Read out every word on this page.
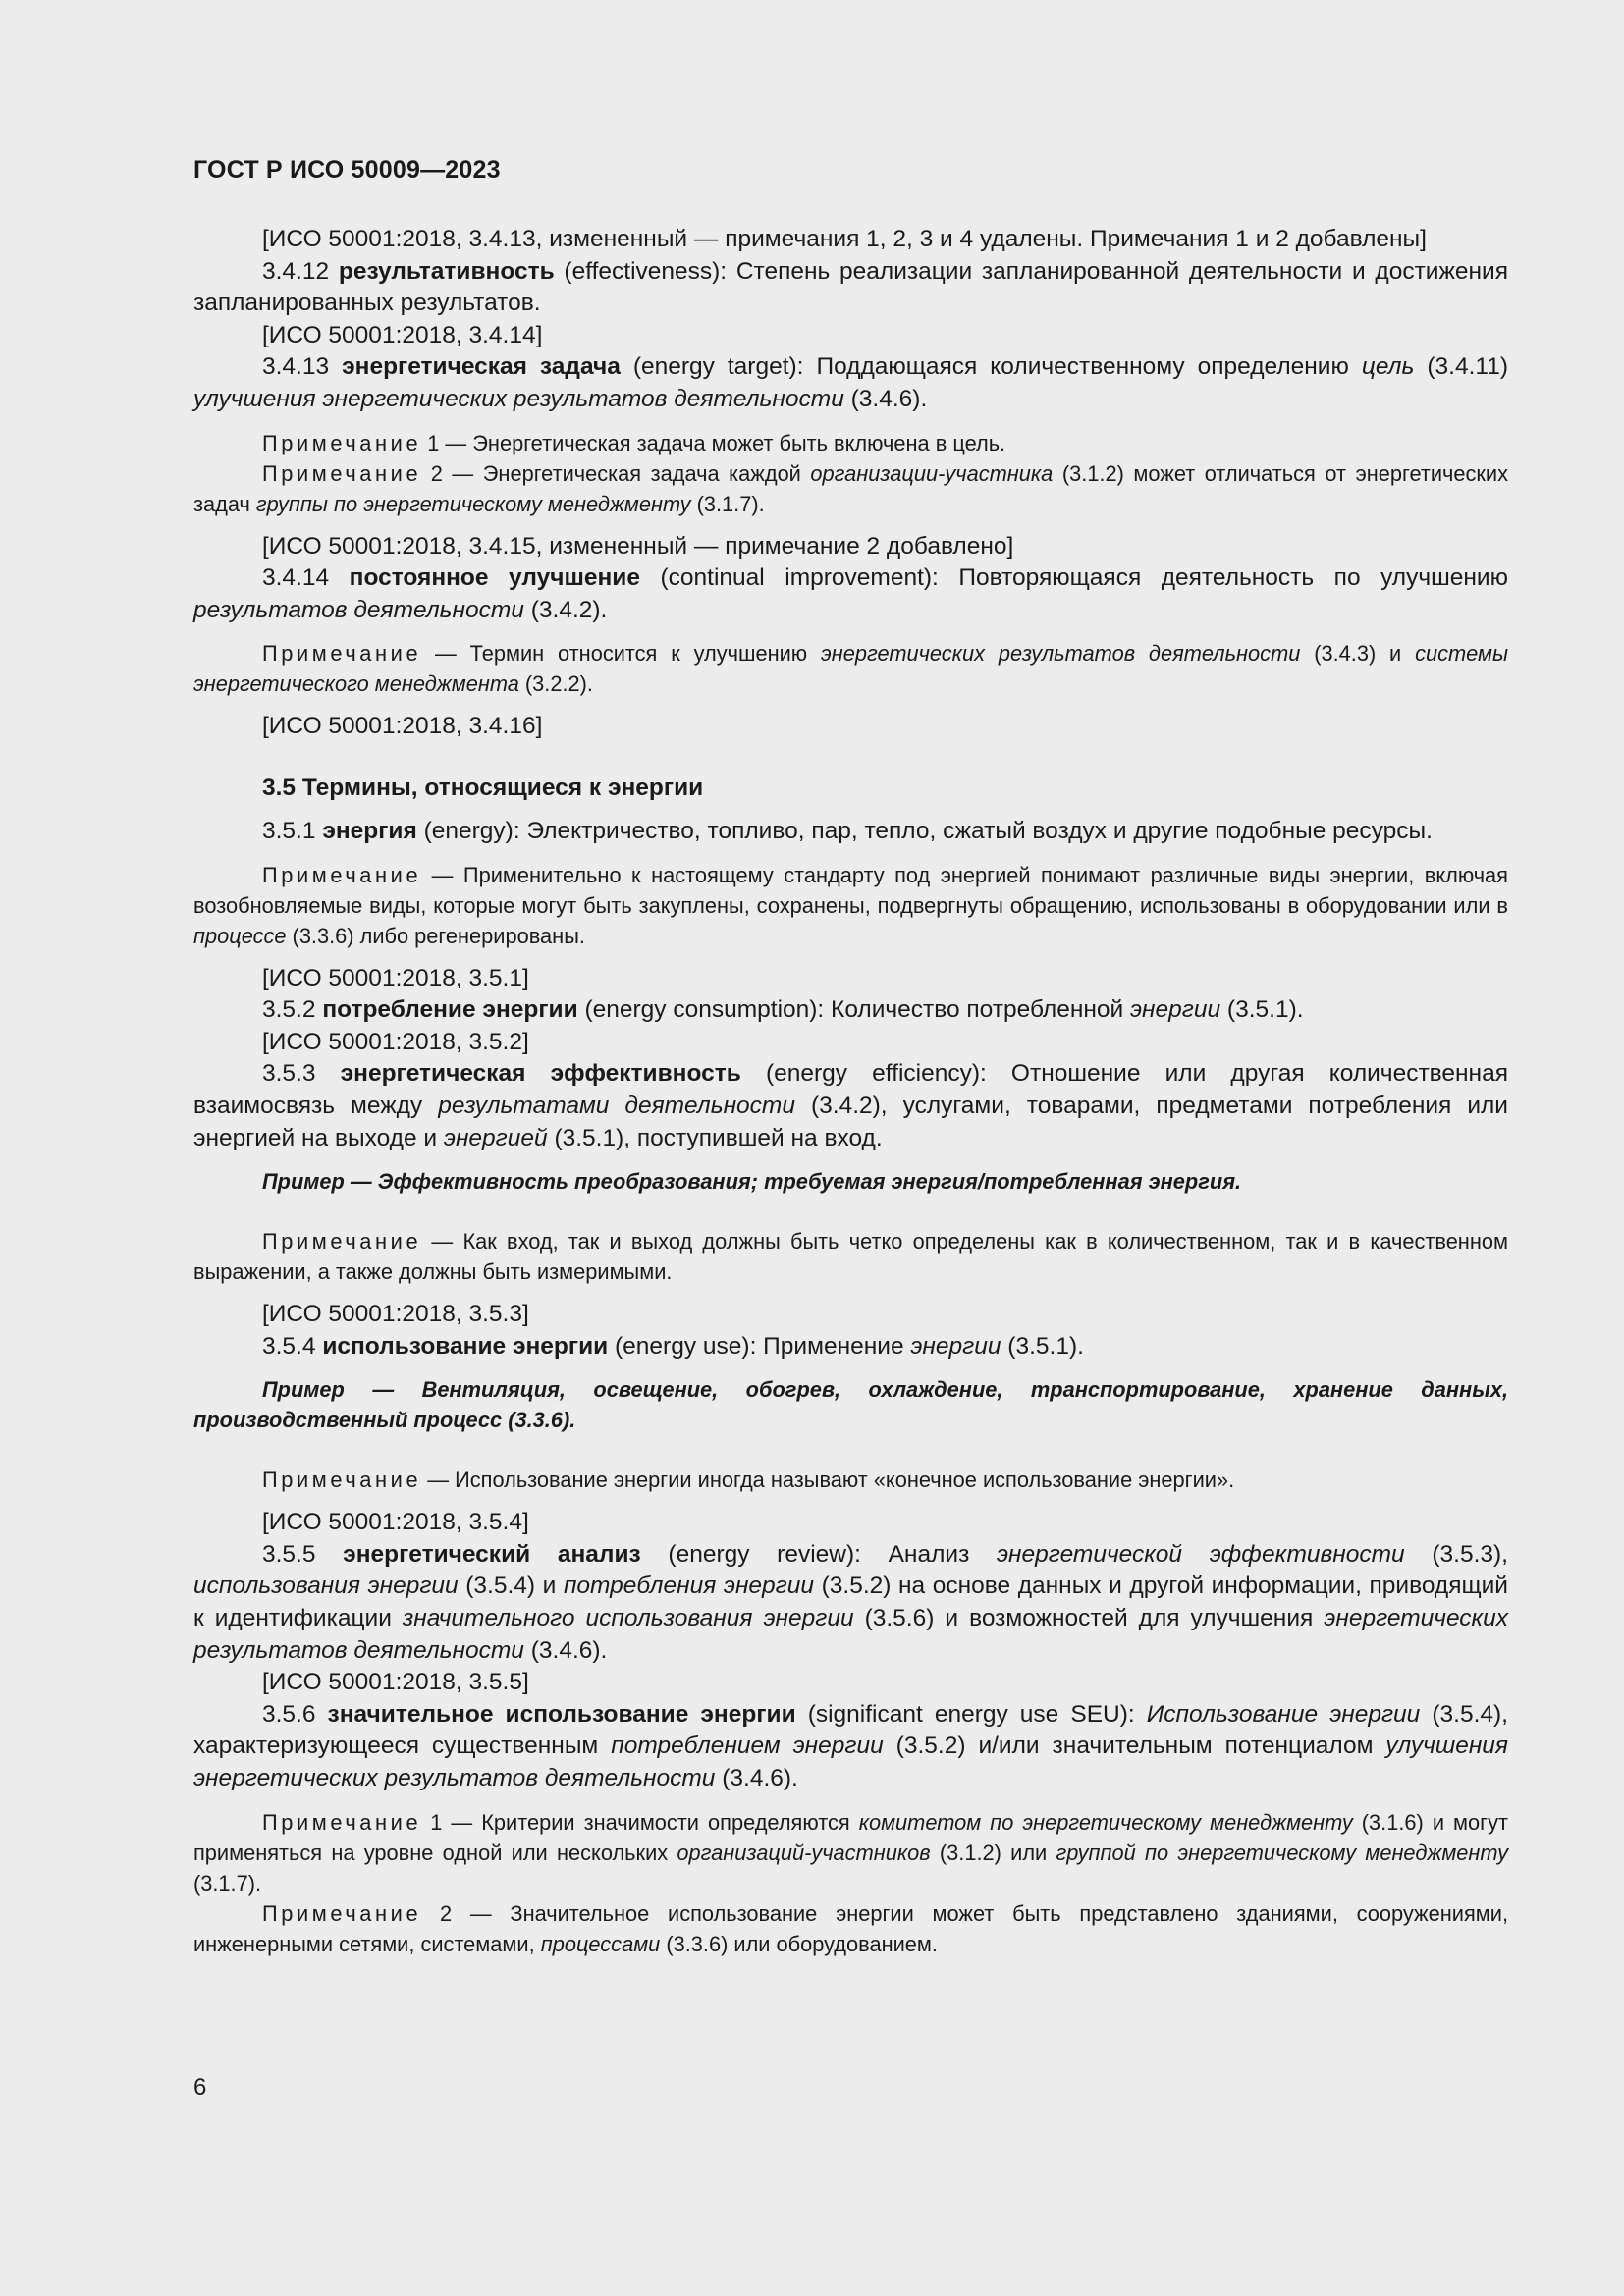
ГОСТ Р ИСО 50009—2023

[ИСО 50001:2018, 3.4.13, измененный — примечания 1, 2, 3 и 4 удалены. Примечания 1 и 2 добавлены]

3.4.12 результативность (effectiveness): Степень реализации запланированной деятельности и достижения запланированных результатов.

[ИСО 50001:2018, 3.4.14]

3.4.13 энергетическая задача (energy target): Поддающаяся количественному определению цель (3.4.11) улучшения энергетических результатов деятельности (3.4.6).

Примечание 1 — Энергетическая задача может быть включена в цель.

Примечание 2 — Энергетическая задача каждой организации-участника (3.1.2) может отличаться от энергетических задач группы по энергетическому менеджменту (3.1.7).

[ИСО 50001:2018, 3.4.15, измененный — примечание 2 добавлено]

3.4.14 постоянное улучшение (continual improvement): Повторяющаяся деятельность по улучшению результатов деятельности (3.4.2).

Примечание — Термин относится к улучшению энергетических результатов деятельности (3.4.3) и системы энергетического менеджмента (3.2.2).

[ИСО 50001:2018, 3.4.16]

3.5 Термины, относящиеся к энергии

3.5.1 энергия (energy): Электричество, топливо, пар, тепло, сжатый воздух и другие подобные ресурсы.

Примечание — Применительно к настоящему стандарту под энергией понимают различные виды энергии, включая возобновляемые виды, которые могут быть закуплены, сохранены, подвергнуты обращению, использованы в оборудовании или в процессе (3.3.6) либо регенерированы.

[ИСО 50001:2018, 3.5.1]

3.5.2 потребление энергии (energy consumption): Количество потребленной энергии (3.5.1).

[ИСО 50001:2018, 3.5.2]

3.5.3 энергетическая эффективность (energy efficiency): Отношение или другая количественная взаимосвязь между результатами деятельности (3.4.2), услугами, товарами, предметами потребления или энергией на выходе и энергией (3.5.1), поступившей на вход.

Пример — Эффективность преобразования; требуемая энергия/потребленная энергия.

Примечание — Как вход, так и выход должны быть четко определены как в количественном, так и в качественном выражении, а также должны быть измеримыми.

[ИСО 50001:2018, 3.5.3]

3.5.4 использование энергии (energy use): Применение энергии (3.5.1).

Пример — Вентиляция, освещение, обогрев, охлаждение, транспортирование, хранение данных, производственный процесс (3.3.6).

Примечание — Использование энергии иногда называют «конечное использование энергии».

[ИСО 50001:2018, 3.5.4]

3.5.5 энергетический анализ (energy review): Анализ энергетической эффективности (3.5.3), использования энергии (3.5.4) и потребления энергии (3.5.2) на основе данных и другой информации, приводящий к идентификации значительного использования энергии (3.5.6) и возможностей для улучшения энергетических результатов деятельности (3.4.6).

[ИСО 50001:2018, 3.5.5]

3.5.6 значительное использование энергии (significant energy use SEU): Использование энергии (3.5.4), характеризующееся существенным потреблением энергии (3.5.2) и/или значительным потенциалом улучшения энергетических результатов деятельности (3.4.6).

Примечание 1 — Критерии значимости определяются комитетом по энергетическому менеджменту (3.1.6) и могут применяться на уровне одной или нескольких организаций-участников (3.1.2) или группой по энергетическому менеджменту (3.1.7).

Примечание 2 — Значительное использование энергии может быть представлено зданиями, сооружениями, инженерными сетями, системами, процессами (3.3.6) или оборудованием.

6
